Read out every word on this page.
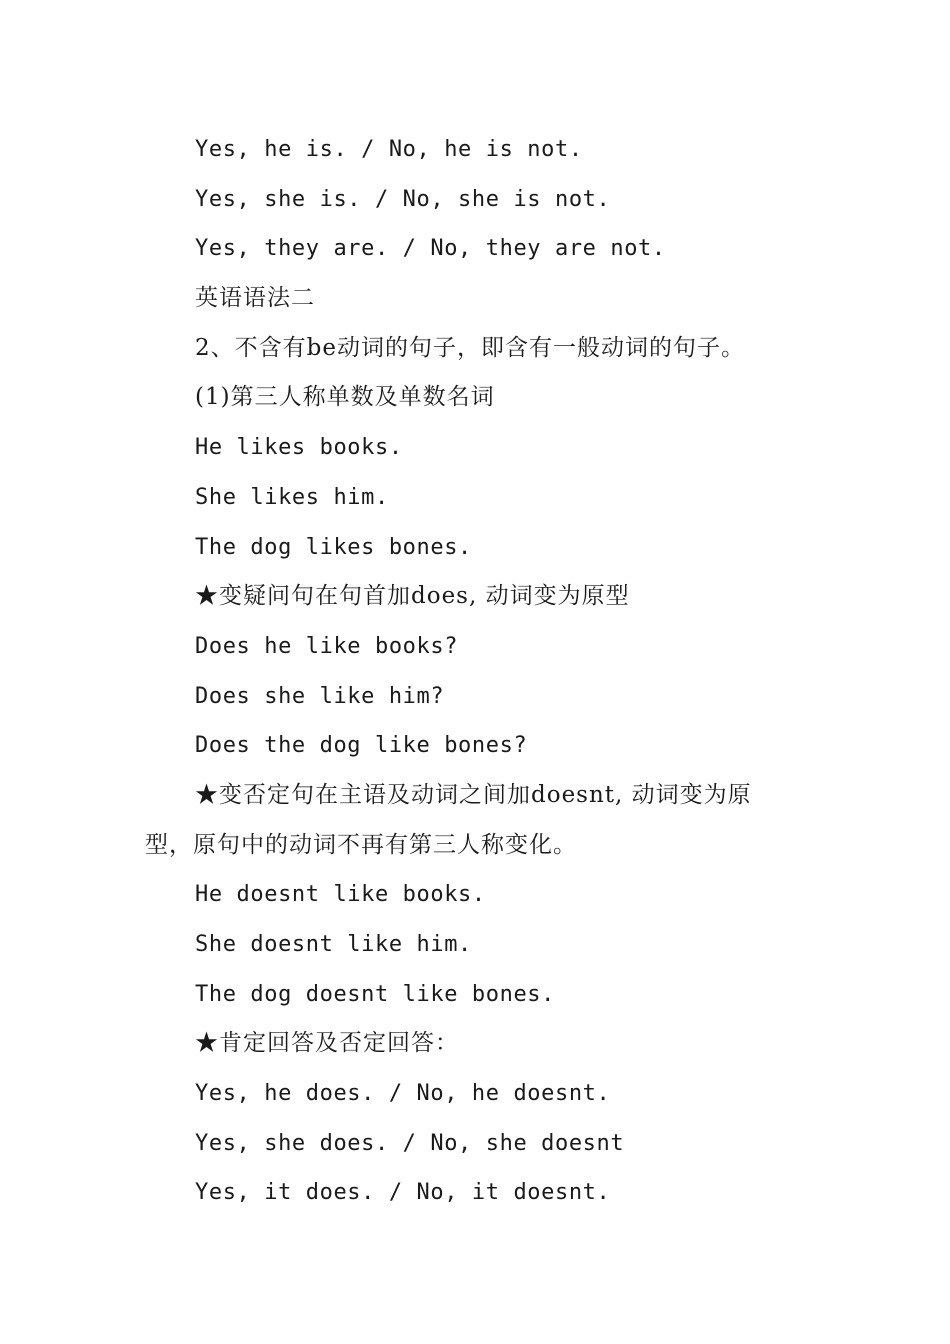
Yes, he is. / No, he is not.
Yes, she is. / No, she is not.
Yes, they are. / No, they are not.
英语语法二
2、不含有be动词的句子，即含有一般动词的句子。
(1)第三人称单数及单数名词
He likes books.
She likes him.
The dog likes bones.
★变疑问句在句首加does, 动词变为原型
Does he like books?
Does she like him?
Does the dog like bones?
★变否定句在主语及动词之间加doesnt, 动词变为原
型，原句中的动词不再有第三人称变化。
He doesnt like books.
She doesnt like him.
The dog doesnt like bones.
★肯定回答及否定回答：
Yes, he does. / No, he doesnt.
Yes, she does. / No, she doesnt
Yes, it does. / No, it doesnt.
